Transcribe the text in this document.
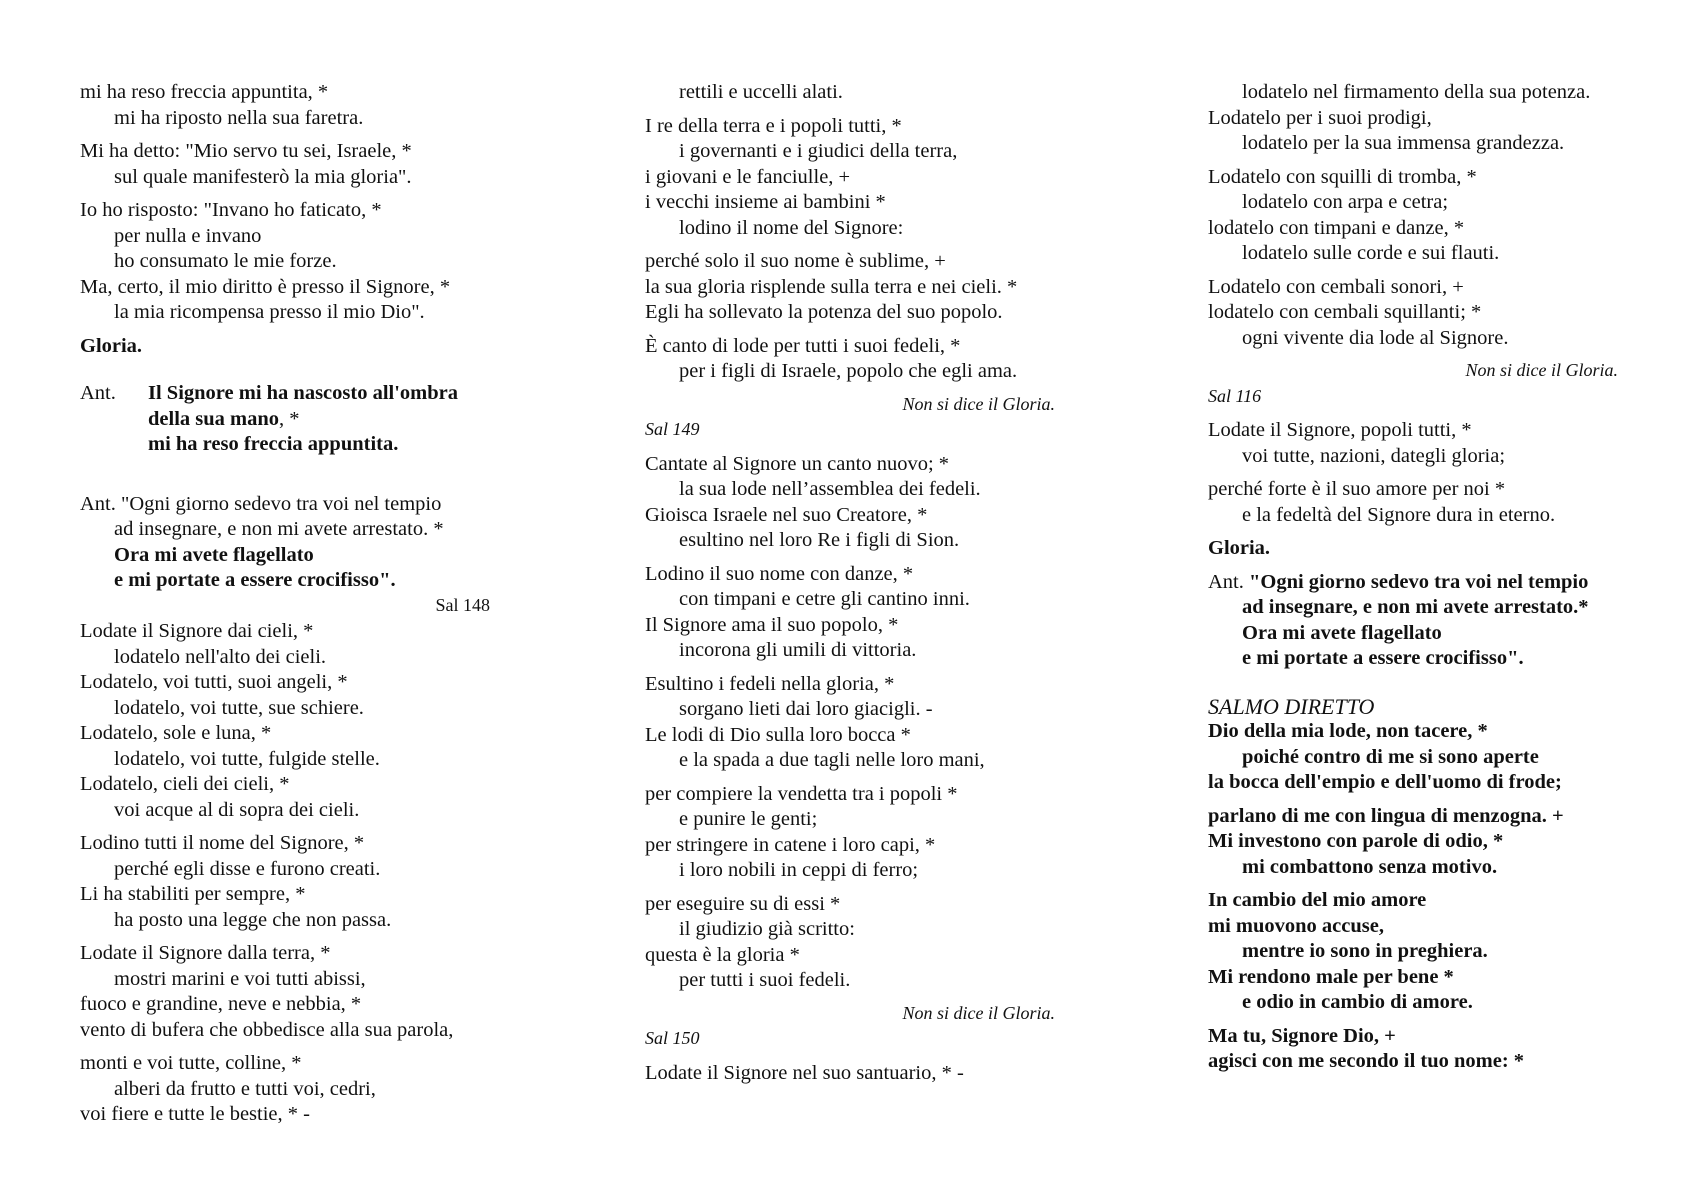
mi ha reso freccia appuntita, *
mi ha riposto nella sua faretra.
Mi ha detto: "Mio servo tu sei, Israele, *
sul quale manifesterò la mia gloria".
Io ho risposto: "Invano ho faticato, *
per nulla e invano
ho consumato le mie forze.
Ma, certo, il mio diritto è presso il Signore, *
la mia ricompensa presso il mio Dio".
Gloria.
Ant.	Il Signore mi ha nascosto all'ombra
della sua mano, *
mi ha reso freccia appuntita.
Ant. "Ogni giorno sedevo tra voi nel tempio
ad insegnare, e non mi avete arrestato. *
Ora mi avete flagellato
e mi portate a essere crocifisso".
Sal 148
Lodate il Signore dai cieli, *
lodatelo nell'alto dei cieli.
Lodatelo, voi tutti, suoi angeli, *
lodatelo, voi tutte, sue schiere.
Lodatelo, sole e luna, *
lodatelo, voi tutte, fulgide stelle.
Lodatelo, cieli dei cieli, *
voi acque al di sopra dei cieli.
Lodino tutti il nome del Signore, *
perché egli disse e furono creati.
Li ha stabiliti per sempre, *
ha posto una legge che non passa.
Lodate il Signore dalla terra, *
mostri marini e voi tutti abissi,
fuoco e grandine, neve e nebbia, *
vento di bufera che obbedisce alla sua parola,
monti e voi tutte, colline, *
alberi da frutto e tutti voi, cedri,
voi fiere e tutte le bestie, * -
rettili e uccelli alati.
I re della terra e i popoli tutti, *
i governanti e i giudici della terra,
i giovani e le fanciulle, +
i vecchi insieme ai bambini *
lodino il nome del Signore:
perché solo il suo nome è sublime, +
la sua gloria risplende sulla terra e nei cieli. *
Egli ha sollevato la potenza del suo popolo.
È canto di lode per tutti i suoi fedeli, *
per i figli di Israele, popolo che egli ama.
Non si dice il Gloria.
Sal 149
Cantate al Signore un canto nuovo; *
la sua lode nell’assemblea dei fedeli.
Gioisca Israele nel suo Creatore, *
esultino nel loro Re i figli di Sion.
Lodino il suo nome con danze, *
con timpani e cetre gli cantino inni.
Il Signore ama il suo popolo, *
incorona gli umili di vittoria.
Esultino i fedeli nella gloria, *
sorgano lieti dai loro giacigli. -
Le lodi di Dio sulla loro bocca *
e la spada a due tagli nelle loro mani,
per compiere la vendetta tra i popoli *
e punire le genti;
per stringere in catene i loro capi, *
i loro nobili in ceppi di ferro;
per eseguire su di essi *
il giudizio già scritto:
questa è la gloria *
per tutti i suoi fedeli.
Non si dice il Gloria.
Sal 150
Lodate il Signore nel suo santuario, * -
lodatelo nel firmamento della sua potenza.
Lodatelo per i suoi prodigi,
lodatelo per la sua immensa grandezza.
Lodatelo con squilli di tromba, *
lodatelo con arpa e cetra;
lodatelo con timpani e danze, *
lodatelo sulle corde e sui flauti.
Lodatelo con cembali sonori, +
lodatelo con cembali squillanti; *
ogni vivente dia lode al Signore.
Non si dice il Gloria.
Sal 116
Lodate il Signore, popoli tutti, *
voi tutte, nazioni, dategli gloria;
perché forte è il suo amore per noi *
e la fedeltà del Signore dura in eterno.
Gloria.
Ant. "Ogni giorno sedevo tra voi nel tempio
ad insegnare, e non mi avete arrestato.*
Ora mi avete flagellato
e mi portate a essere crocifisso".
SALMO DIRETTO
Dio della mia lode, non tacere, *
poiché contro di me si sono aperte
la bocca dell'empio e dell'uomo di frode;
parlano di me con lingua di menzogna. +
Mi investono con parole di odio, *
mi combattono senza motivo.
In cambio del mio amore
mi muovono accuse,
mentre io sono in preghiera.
Mi rendono male per bene *
e odio in cambio di amore.
Ma tu, Signore Dio, +
agisci con me secondo il tuo nome: *
